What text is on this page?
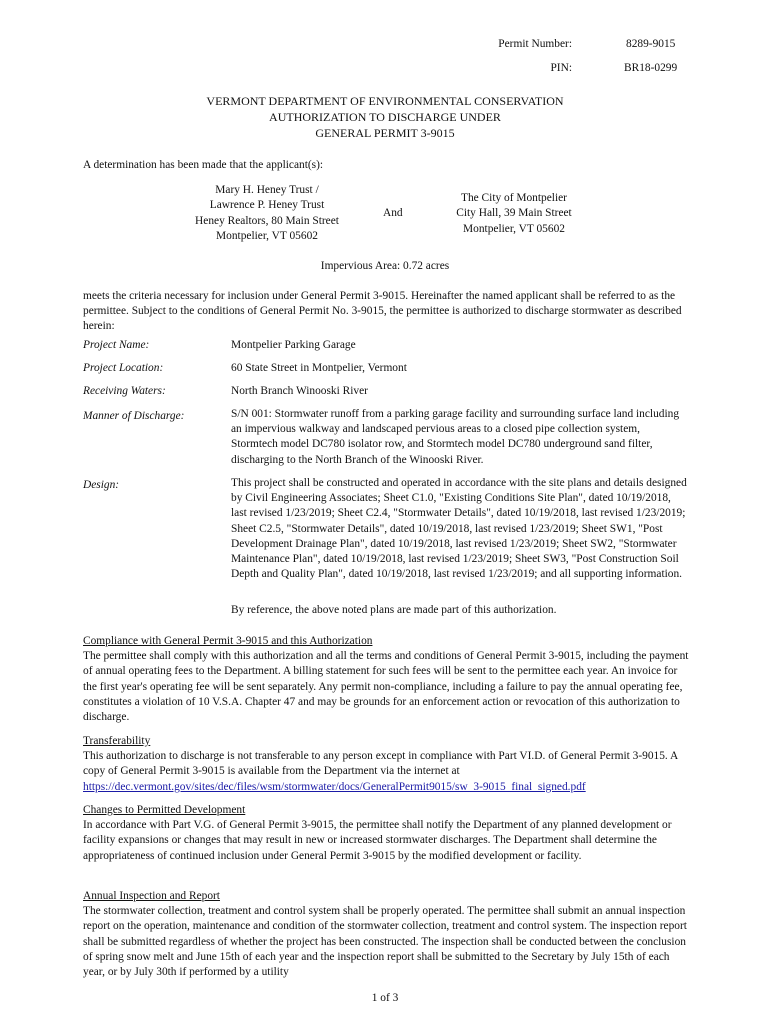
Permit Number:	8289-9015
PIN:	BR18-0299
VERMONT DEPARTMENT OF ENVIRONMENTAL CONSERVATION
AUTHORIZATION TO DISCHARGE UNDER
GENERAL PERMIT 3-9015
A determination has been made that the applicant(s):
Mary H. Heney Trust /
Lawrence P. Heney Trust
Heney Realtors, 80 Main Street
Montpelier, VT 05602
And
The City of Montpelier
City Hall, 39 Main Street
Montpelier, VT 05602
Impervious Area: 0.72 acres
meets the criteria necessary for inclusion under General Permit 3-9015. Hereinafter the named applicant shall be referred to as the permittee. Subject to the conditions of General Permit No. 3-9015, the permittee is authorized to discharge stormwater as described herein:
Project Name:	Montpelier Parking Garage
Project Location:	60 State Street in Montpelier, Vermont
Receiving Waters:	North Branch Winooski River
Manner of Discharge:	S/N 001: Stormwater runoff from a parking garage facility and surrounding surface land including an impervious walkway and landscaped pervious areas to a closed pipe collection system, Stormtech model DC780 isolator row, and Stormtech model DC780 underground sand filter, discharging to the North Branch of the Winooski River.
Design:	This project shall be constructed and operated in accordance with the site plans and details designed by Civil Engineering Associates; Sheet C1.0, "Existing Conditions Site Plan", dated 10/19/2018, last revised 1/23/2019; Sheet C2.4, "Stormwater Details", dated 10/19/2018, last revised 1/23/2019; Sheet C2.5, "Stormwater Details", dated 10/19/2018, last revised 1/23/2019; Sheet SW1, "Post Development Drainage Plan", dated 10/19/2018, last revised 1/23/2019; Sheet SW2, "Stormwater Maintenance Plan", dated 10/19/2018, last revised 1/23/2019; Sheet SW3, "Post Construction Soil Depth and Quality Plan", dated 10/19/2018, last revised 1/23/2019; and all supporting information.
By reference, the above noted plans are made part of this authorization.
Compliance with General Permit 3-9015 and this Authorization
The permittee shall comply with this authorization and all the terms and conditions of General Permit 3-9015, including the payment of annual operating fees to the Department. A billing statement for such fees will be sent to the permittee each year. An invoice for the first year's operating fee will be sent separately. Any permit non-compliance, including a failure to pay the annual operating fee, constitutes a violation of 10 V.S.A. Chapter 47 and may be grounds for an enforcement action or revocation of this authorization to discharge.
Transferability
This authorization to discharge is not transferable to any person except in compliance with Part VI.D. of General Permit 3-9015. A copy of General Permit 3-9015 is available from the Department via the internet at
https://dec.vermont.gov/sites/dec/files/wsm/stormwater/docs/GeneralPermit9015/sw_3-9015_final_signed.pdf
Changes to Permitted Development
In accordance with Part V.G. of General Permit 3-9015, the permittee shall notify the Department of any planned development or facility expansions or changes that may result in new or increased stormwater discharges. The Department shall determine the appropriateness of continued inclusion under General Permit 3-9015 by the modified development or facility.
Annual Inspection and Report
The stormwater collection, treatment and control system shall be properly operated. The permittee shall submit an annual inspection report on the operation, maintenance and condition of the stormwater collection, treatment and control system. The inspection report shall be submitted regardless of whether the project has been constructed. The inspection shall be conducted between the conclusion of spring snow melt and June 15th of each year and the inspection report shall be submitted to the Secretary by July 15th of each year, or by July 30th if performed by a utility
1 of 3
